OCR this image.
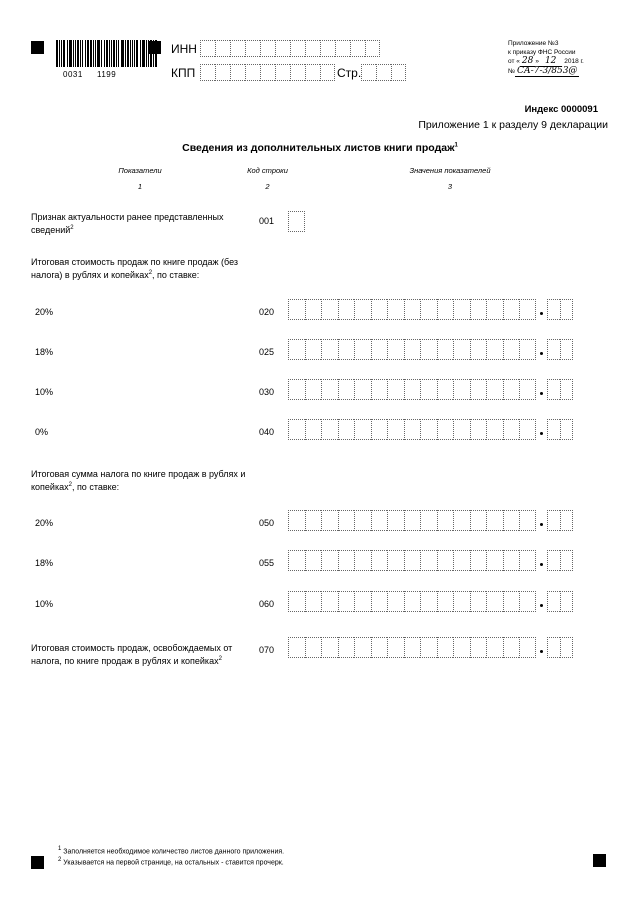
0031 1199
ИНН
КПП	Стр.
Приложение №3
к приказу ФНС России
от « 28 » 12 2018 г.
№ СА-7-3/853@
Индекс 0000091
Приложение 1 к разделу 9 декларации
Сведения из дополнительных листов книги продаж$^1$
Показатели	Код строки	Значения показателей
1	2	3
Признак актуальности ранее представленных сведений$^2$
001
Итоговая стоимость продаж по книге продаж (без налога) в рублях и копейках$^2$, по ставке:
20%	020
18%	025
10%	030
0%	040
Итоговая сумма налога по книге продаж в рублях и копейках$^2$, по ставке:
20%	050
18%	055
10%	060
Итоговая стоимость продаж, освобождаемых от налога, по книге продаж в рублях и копейках$^2$
070
$^1$ Заполняется необходимое количество листов данного приложения.
$^2$ Указывается на первой странице, на остальных - ставится прочерк.
